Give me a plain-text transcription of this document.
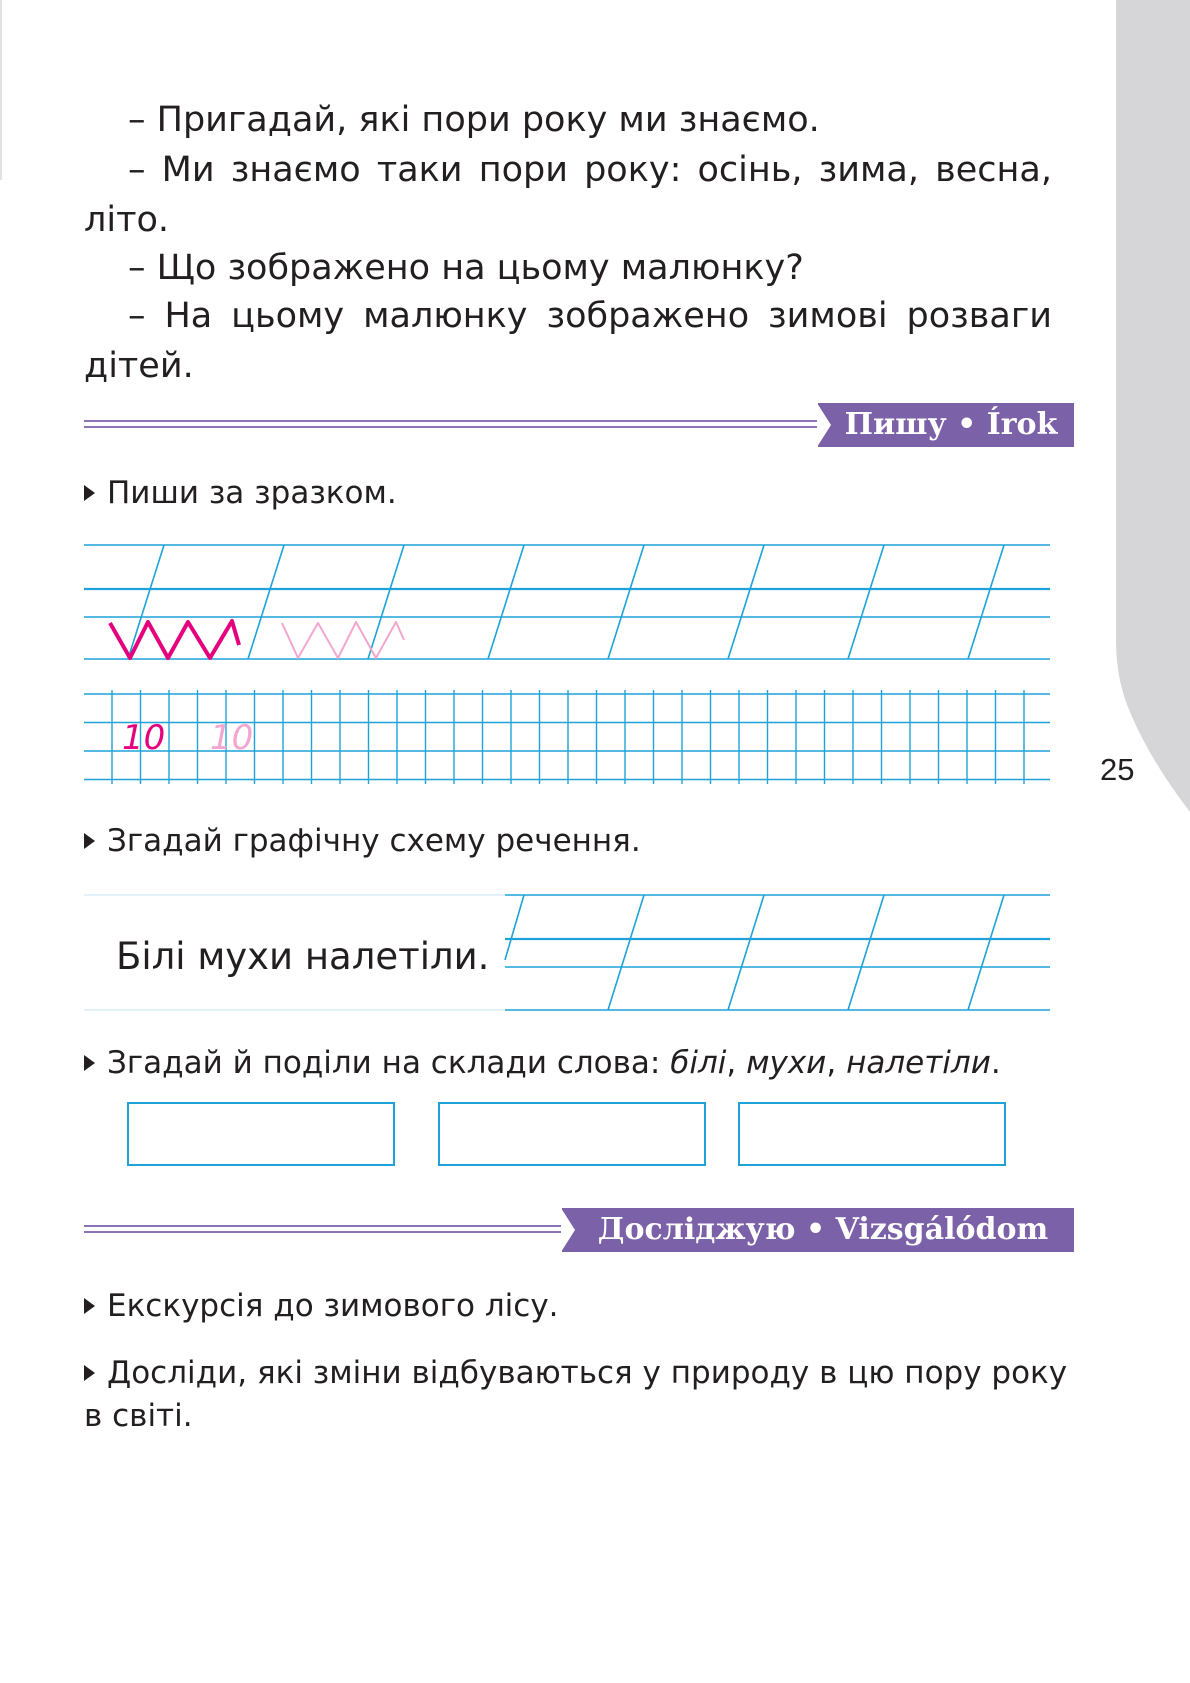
– Пригадай, які пори року ми знаємо.

– Ми знаємо таки пори року: осінь, зима, весна,

літо.

– Що зображено на цьому малюнку?

– На цьому малюнку зображено зимові розваги

дітей.

Пишу • Írok
Пиши за зразком.
10 10
25
Згадай графічну схему речення.
Білі мухи налетіли.
Згадай й поділи на склади слова: білі, мухи, налетіли.
Досліджую • Vizsgálódom
Екскурсія до зимового лісу.
Досліди, які зміни відбуваються у природу в цю пору року
в світі.
